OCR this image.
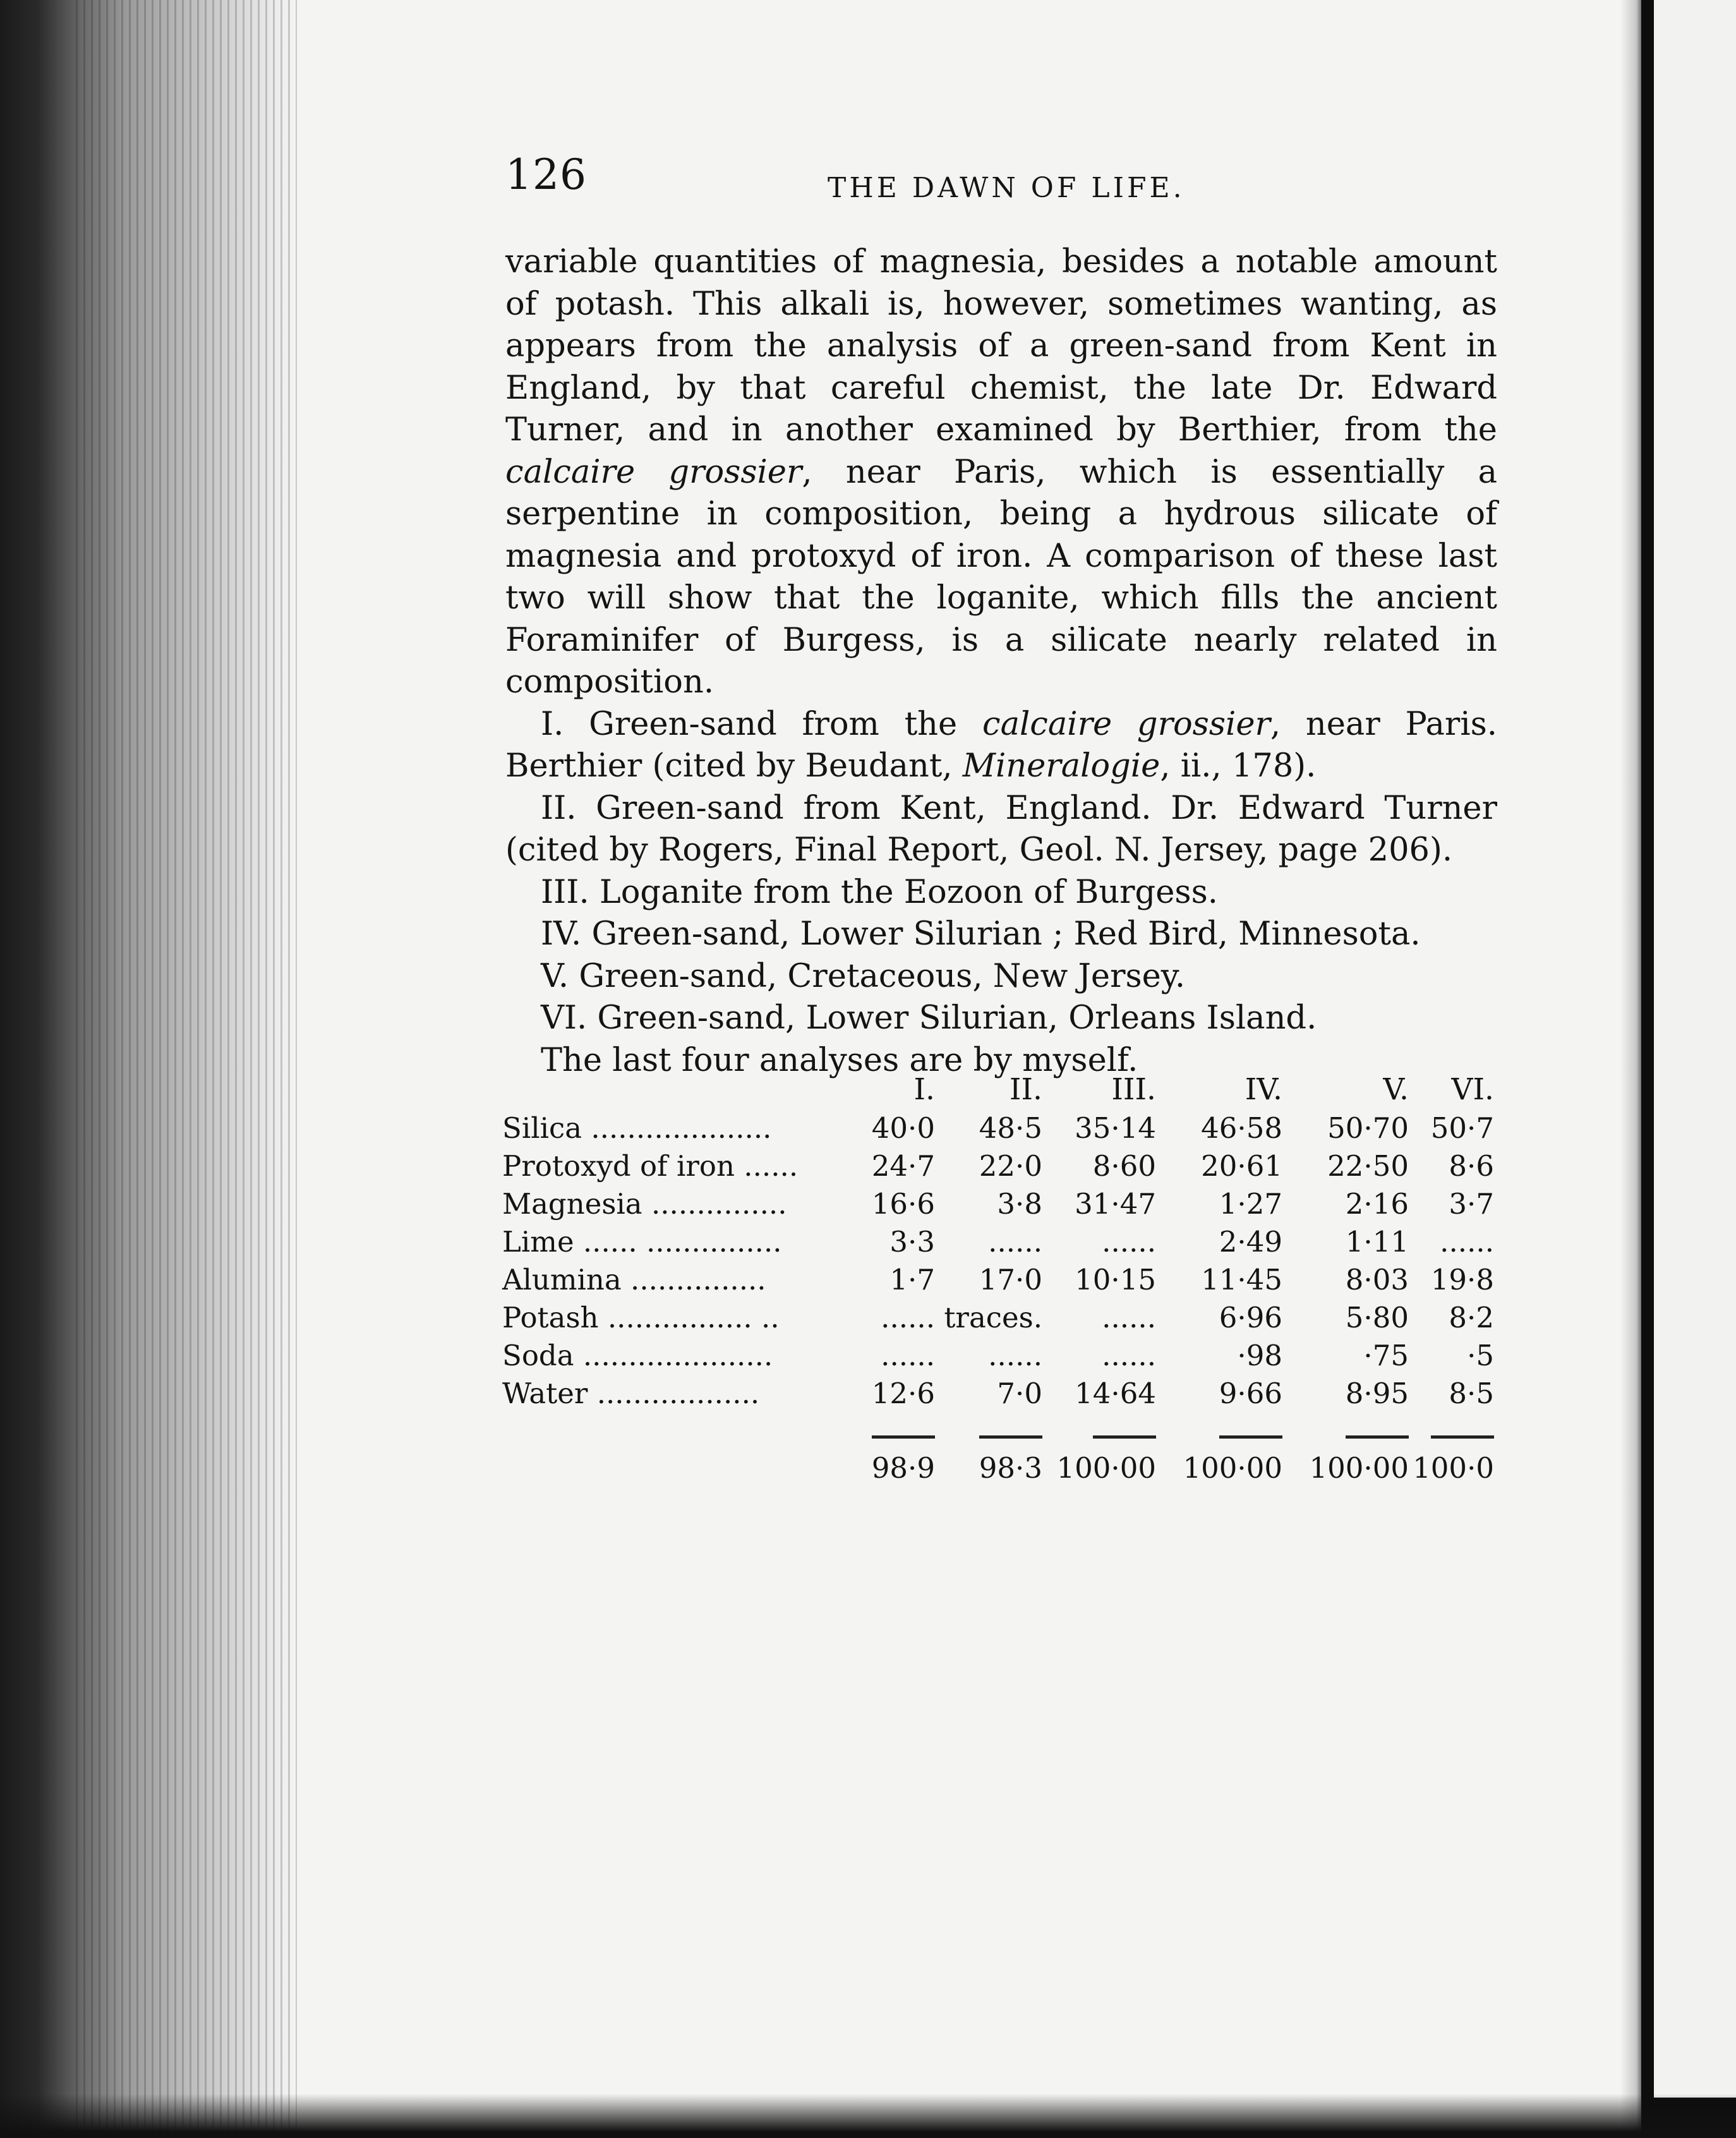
126	THE DAWN OF LIFE.

variable quantities of magnesia, besides a notable amount of potash. This alkali is, however, sometimes wanting, as appears from the analysis of a green-sand from Kent in England, by that careful chemist, the late Dr. Edward Turner, and in another examined by Berthier, from the calcaire grossier, near Paris, which is essentially a serpentine in composition, being a hydrous silicate of magnesia and protoxyd of iron. A comparison of these last two will show that the loganite, which fills the ancient Foraminifer of Burgess, is a silicate nearly related in composition.

I. Green-sand from the calcaire grossier, near Paris. Berthier (cited by Beudant, Mineralogie, ii., 178).

II. Green-sand from Kent, England. Dr. Edward Turner (cited by Rogers, Final Report, Geol. N. Jersey, page 206).

III. Loganite from the Eozoon of Burgess.

IV. Green-sand, Lower Silurian ; Red Bird, Minnesota.

V. Green-sand, Cretaceous, New Jersey.

VI. Green-sand, Lower Silurian, Orleans Island.

The last four analyses are by myself.

	I.	II.	III.	IV.	V.	VI.
Silica ....................	40·0	48·5	35·14	46·58	50·70	50·7
Protoxyd of iron ......	24·7	22·0	8·60	20·61	22·50	8·6
Magnesia ...............	16·6	3·8	31·47	1·27	2·16	3·7
Lime ...... ...............	3·3	......	......	2·49	1·11	......
Alumina ...............	1·7	17·0	10·15	11·45	8·03	19·8
Potash ................ ..	......	traces.	......	6·96	5·80	8·2
Soda .....................	......	......	......	·98	·75	·5
Water ..................	12·6	7·0	14·64	9·66	8·95	8·5

	98·9	98·3	100·00	100·00	100·00	100·0
